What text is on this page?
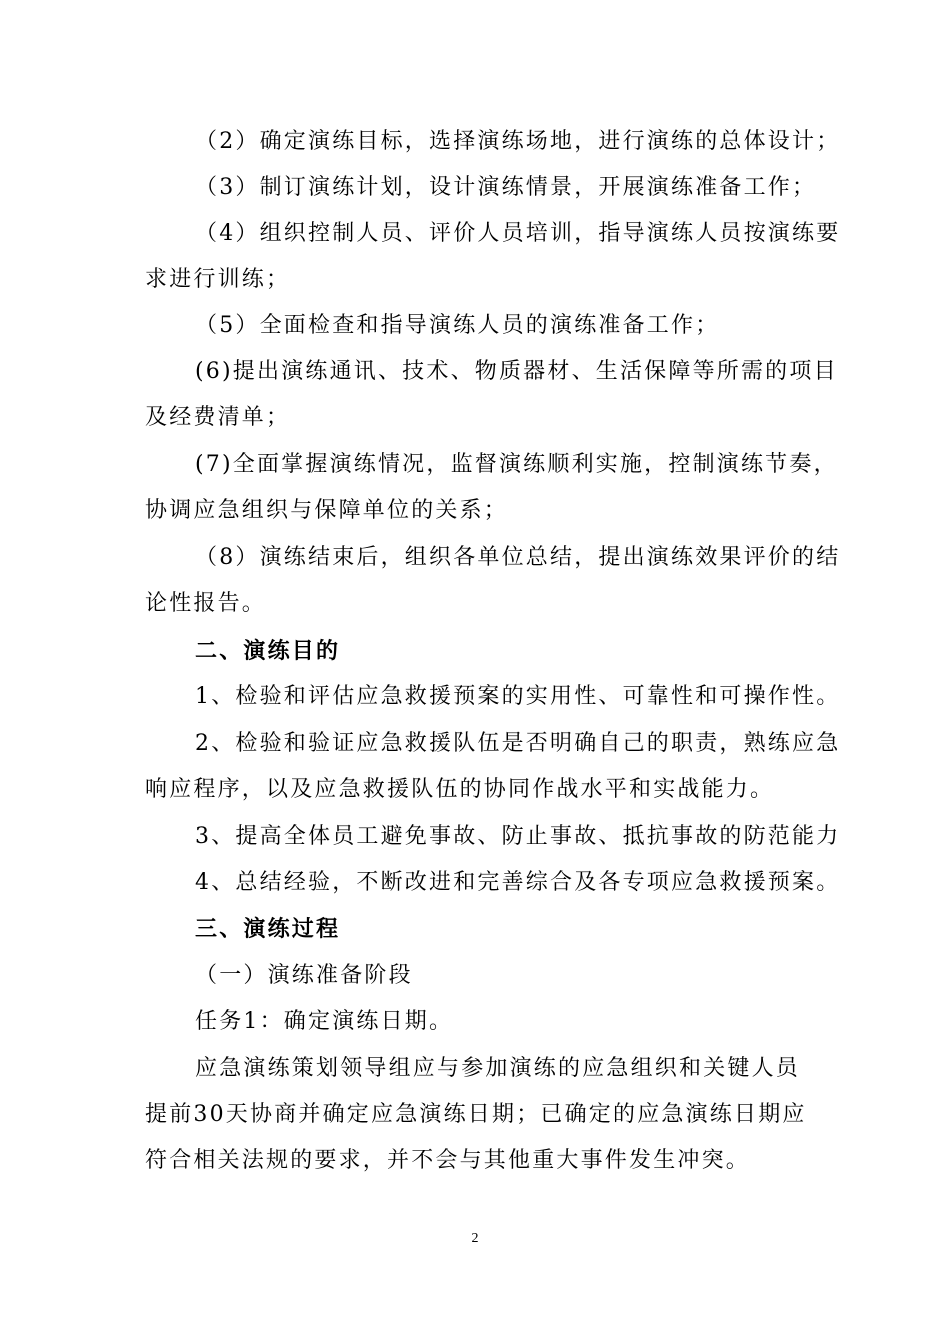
（2）确定演练目标，选择演练场地，进行演练的总体设计；
（3）制订演练计划，设计演练情景，开展演练准备工作；
（4）组织控制人员、评价人员培训，指导演练人员按演练要
求进行训练；
（5）全面检查和指导演练人员的演练准备工作；
(6)提出演练通讯、技术、物质器材、生活保障等所需的项目
及经费清单；
(7)全面掌握演练情况，监督演练顺利实施，控制演练节奏，
协调应急组织与保障单位的关系；
（8）演练结束后，组织各单位总结，提出演练效果评价的结
论性报告。
二、演练目的
1、检验和评估应急救援预案的实用性、可靠性和可操作性。
2、检验和验证应急救援队伍是否明确自己的职责，熟练应急
响应程序，以及应急救援队伍的协同作战水平和实战能力。
3、提高全体员工避免事故、防止事故、抵抗事故的防范能力
4、总结经验，不断改进和完善综合及各专项应急救援预案。
三、演练过程
（一）演练准备阶段
任务1：确定演练日期。
应急演练策划领导组应与参加演练的应急组织和关键人员
提前30天协商并确定应急演练日期；已确定的应急演练日期应
符合相关法规的要求，并不会与其他重大事件发生冲突。
2
